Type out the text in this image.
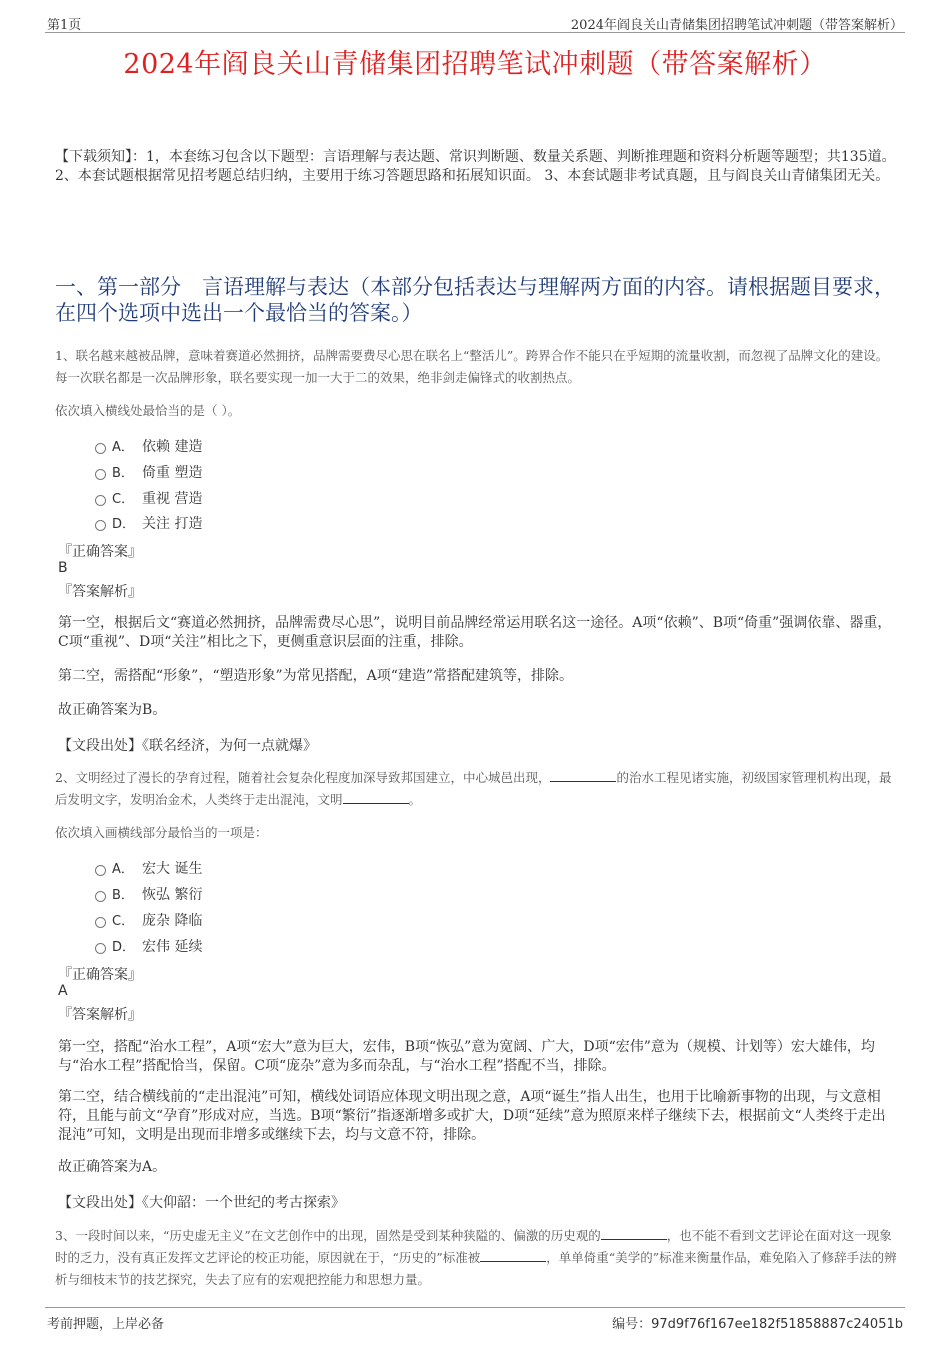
第1页	2024年阎良关山青储集团招聘笔试冲刺题（带答案解析）
2024年阎良关山青储集团招聘笔试冲刺题（带答案解析）
【下载须知】：1，本套练习包含以下题型：言语理解与表达题、常识判断题、数量关系题、判断推理题和资料分析题等题型；共135道。 2、本套试题根据常见招考题总结归纳，主要用于练习答题思路和拓展知识面。 3、本套试题非考试真题，且与阎良关山青储集团无关。
一、第一部分　言语理解与表达（本部分包括表达与理解两方面的内容。请根据题目要求，在四个选项中选出一个最恰当的答案。）
1、联名越来越被品牌，意味着赛道必然拥挤，品牌需要费尽心思在联名上“整活儿”。跨界合作不能只在乎短期的流量收割，而忽视了品牌文化的建设。每一次联名都是一次品牌形象，联名要实现一加一大于二的效果，绝非剑走偏锋式的收割热点。
依次填入横线处最恰当的是（ ）。
A． 依赖 建造
B． 倚重 塑造
C． 重视 营造
D． 关注 打造
『正确答案』
B
『答案解析』
第一空，根据后文“赛道必然拥挤，品牌需费尽心思”，说明目前品牌经常运用联名这一途径。A项“依赖”、B项“倚重”强调依靠、器重，C项“重视”、D项“关注”相比之下，更侧重意识层面的注重，排除。
第二空，需搭配“形象”，“塑造形象”为常见搭配，A项“建造”常搭配建筑等，排除。
故正确答案为B。
【文段出处】《联名经济，为何一点就爆》
2、文明经过了漫长的孕育过程，随着社会复杂化程度加深导致邦国建立，中心城邑出现，	的治水工程见诸实施，初级国家管理机构出现，最后发明文字，发明冶金术，人类终于走出混沌，文明	。
依次填入画横线部分最恰当的一项是：
A． 宏大 诞生
B． 恢弘 繁衍
C． 庞杂 降临
D． 宏伟 延续
『正确答案』
A
『答案解析』
第一空，搭配“治水工程”，A项“宏大”意为巨大，宏伟，B项“恢弘”意为宽阔、广大，D项“宏伟”意为（规模、计划等）宏大雄伟，均与“治水工程”搭配恰当，保留。C项“庞杂”意为多而杂乱，与“治水工程”搭配不当，排除。
第二空，结合横线前的“走出混沌”可知，横线处词语应体现文明出现之意，A项“诞生”指人出生，也用于比喻新事物的出现，与文意相符，且能与前文“孕育”形成对应，当选。B项“繁衍”指逐渐增多或扩大，D项“延续”意为照原来样子继续下去，根据前文“人类终于走出混沌”可知，文明是出现而非增多或继续下去，均与文意不符，排除。
故正确答案为A。
【文段出处】《大仰韶：一个世纪的考古探索》
3、一段时间以来，“历史虚无主义”在文艺创作中的出现，固然是受到某种狭隘的、偏激的历史观的	，也不能不看到文艺评论在面对这一现象时的乏力，没有真正发挥文艺评论的校正功能，原因就在于，“历史的”标准被	，单单倚重“美学的”标准来衡量作品，难免陷入了修辞手法的辨析与细枝末节的技艺探究，失去了应有的宏观把控能力和思想力量。
考前押题，上岸必备	编号：97d9f76f167ee182f51858887c24051b
